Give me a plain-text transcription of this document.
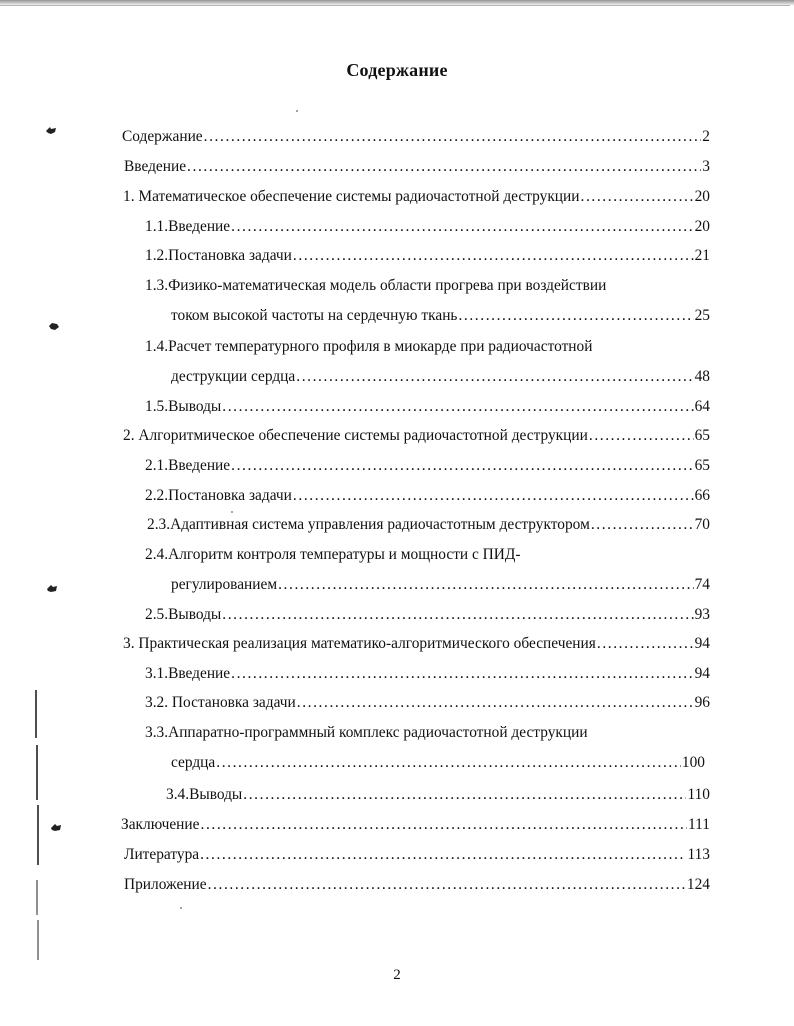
Содержание
Содержание .....	2
Введение .....	3
1. Математическое обеспечение системы радиочастотной деструкции .....	20
1.1.Введение .....	20
1.2.Постановка задачи .....	21
1.3.Физико-математическая модель области прогрева при воздействии
током высокой частоты на сердечную ткань .....	25
1.4.Расчет температурного профиля в миокарде при радиочастотной
деструкции сердца .....	48
1.5.Выводы .....	64
2. Алгоритмическое обеспечение системы радиочастотной деструкции .....	65
2.1.Введение .....	65
2.2.Постановка задачи .....	66
2.3.Адаптивная система управления радиочастотным деструктором .....	70
2.4.Алгоритм контроля температуры и мощности с ПИД-
регулированием .....	74
2.5.Выводы .....	93
3. Практическая реализация математико-алгоритмического обеспечения .....	94
3.1.Введение .....	94
3.2. Постановка задачи .....	96
3.3.Аппаратно-программный комплекс радиочастотной деструкции
сердца .....	100
3.4.Выводы .....	110
Заключение .....	111
Литература .....	113
Приложение .....	124
2
